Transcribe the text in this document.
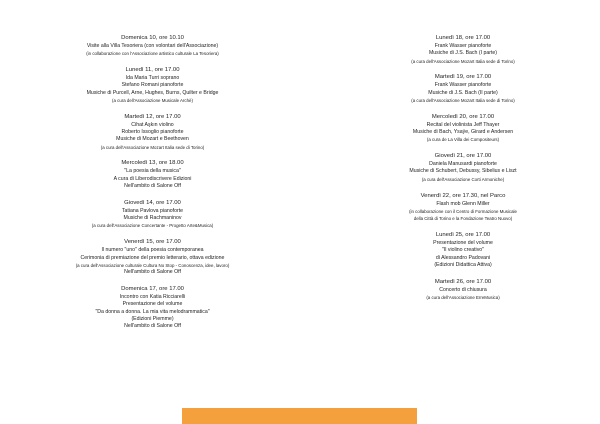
Domenica 10, ore 10.10
Visite alla Villa Tesoriera (con volontari dell'Associazione)
(in collaborazione con l'Associazione artistico culturale La Tesoriera)
Lunedì 11, ore 17.00
Ida Maria Turri soprano
Stefano Romani pianoforte
Musiche di Purcell, Arne, Hughes, Burns, Quilter e Bridge
(a cura dell'Associazione Musicale Archè)
Martedì 12, ore 17.00
Cihat Aşkın violino
Roberto Issoglio pianoforte
Musiche di Mozart e Beethoven
(a cura dell'Associazione Mozart Italia sede di Torino)
Mercoledì 13, ore 18.00
"La poesia della musica"
A cura di Liberodiscrivere Edizioni
Nell'ambito di Salone Off
Giovedì 14, ore 17.00
Tatiana Pavlova pianoforte
Musiche di Rachmaninov
(a cura dell'Associazione Concertante - Progetto Arte&Musica)
Venerdì 15, ore 17.00
Il numero "uno" della poesia contemporanea
Cerimonia di premiazione del premio letterario, ottava edizione
(a cura dell'Associazione culturale Cultura No Stop - Conoscenza, idee, lavoro)
Nell'ambito di Salone Off
Domenica 17, ore 17.00
Incontro con Katia Ricciarelli
Presentazione del volume
"Da donna a donna. La mia vita melodrammatica"
(Edizioni Piemme)
Nell'ambito di Salone Off
Lunedì 18, ore 17.00
Frank Wasser pianoforte
Musiche di J.S. Bach (I parte)
(a cura dell'Associazione Mozart Italia sede di Torino)
Martedì 19, ore 17.00
Frank Wasser pianoforte
Musiche di J.S. Bach (II parte)
(a cura dell'Associazione Mozart Italia sede di Torino)
Mercoledì 20, ore 17.00
Recital del violinista Jeff Thayer
Musiche di Bach, Ysaÿe, Girard e Andersen
(a cura de La Villa dei Compositeurs)
Giovedì 21, ore 17.00
Daniela Manusardi pianoforte
Musiche di Schubert, Debussy, Sibelius e Liszt
(a cura dell'Associazione Corti Armoniche)
Venerdì 22, ore 17.30, nel Parco
Flash mob Glenn Miller
(in collaborazione con il Centro di Formazione Musicale
della Città di Torino e la Fondazione Teatro Nuovo)
Lunedì 25, ore 17.00
Presentazione del volume
"Il violino creativo"
di Alessandro Padovani
(Edizioni Didattica Attiva)
Martedì 26, ore 17.00
Concerto di chiusura
(a cura dell'Associazione ErreMusica)
